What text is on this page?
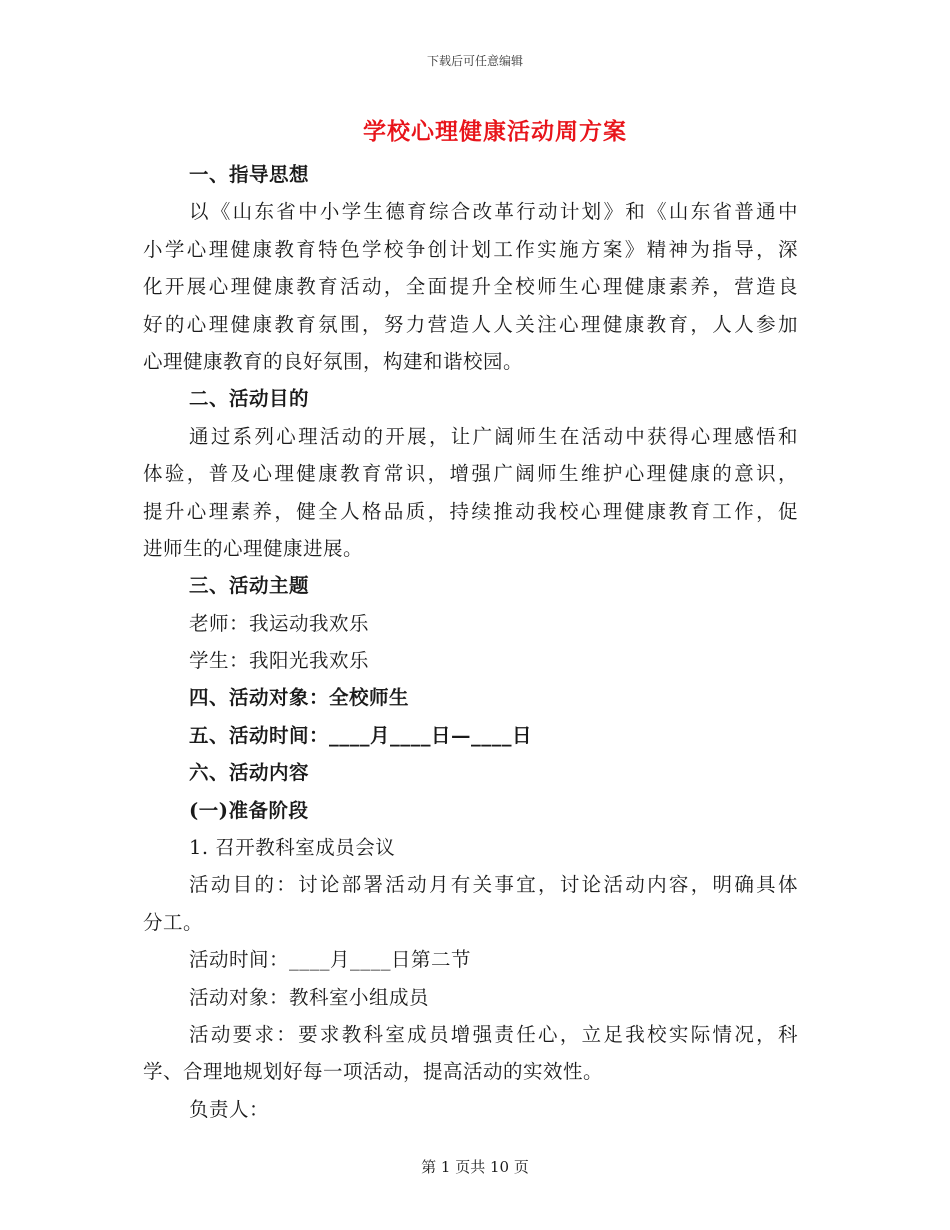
下载后可任意编辑
学校心理健康活动周方案
一、指导思想
以《山东省中小学生德育综合改革行动计划》和《山东省普通中
小学心理健康教育特色学校争创计划工作实施方案》精神为指导，深
化开展心理健康教育活动，全面提升全校师生心理健康素养，营造良
好的心理健康教育氛围，努力营造人人关注心理健康教育，人人参加
心理健康教育的良好氛围，构建和谐校园。
二、活动目的
通过系列心理活动的开展，让广阔师生在活动中获得心理感悟和
体验，普及心理健康教育常识，增强广阔师生维护心理健康的意识，
提升心理素养，健全人格品质，持续推动我校心理健康教育工作，促
进师生的心理健康进展。
三、活动主题
老师：我运动我欢乐
学生：我阳光我欢乐
四、活动对象：全校师生
五、活动时间：____月____日—____日
六、活动内容
(一)准备阶段
1. 召开教科室成员会议
活动目的：讨论部署活动月有关事宜，讨论活动内容，明确具体
分工。
活动时间：____月____日第二节
活动对象：教科室小组成员
活动要求：要求教科室成员增强责任心，立足我校实际情况，科
学、合理地规划好每一项活动，提高活动的实效性。
负责人：
第 1 页共 10 页
